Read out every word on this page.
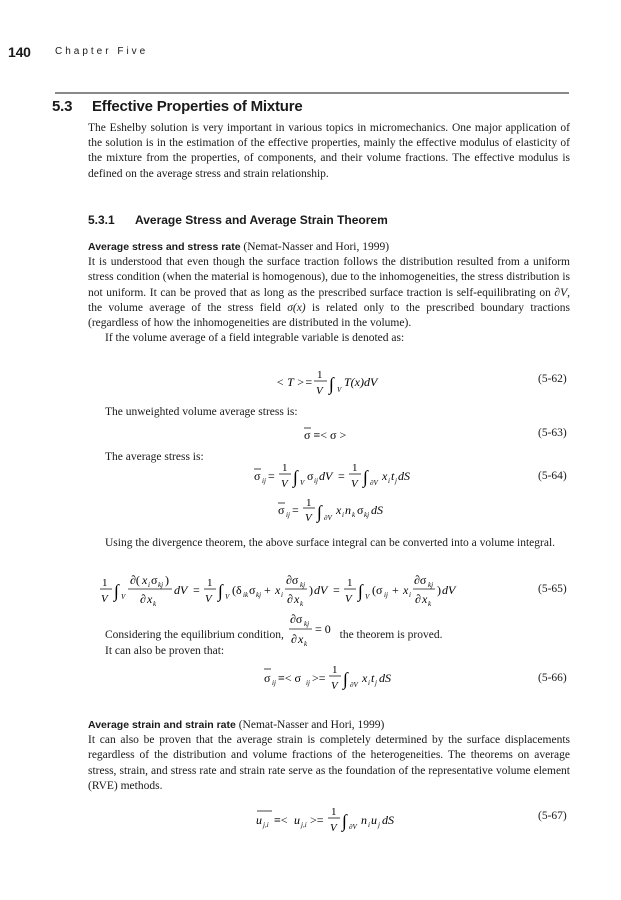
140 Chapter Five
5.3 Effective Properties of Mixture
The Eshelby solution is very important in various topics in micromechanics. One major application of the solution is in the estimation of the effective properties, mainly the effective modulus of elasticity of the mixture from the properties, of components, and their volume fractions. The effective modulus is defined on the average stress and strain relationship.
5.3.1 Average Stress and Average Strain Theorem
Average stress and stress rate (Nemat-Nasser and Hori, 1999)
It is understood that even though the surface traction follows the distribution resulted from a uniform stress condition (when the material is homogenous), due to the inhomogeneities, the stress distribution is not uniform. It can be proved that as long as the prescribed surface traction is self-equilibrating on ∂V, the volume average of the stress field σ(x) is related only to the prescribed boundary tractions (regardless of how the inhomogeneities are distributed in the volume).
If the volume average of a field integrable variable is denoted as:
< T >= 1
V ∫ V
T(x)dV	(5-62)
The unweighted volume average stress is:
σ ≡< σ >	(5-63)
The average stress is:
σ ij =
1
V ∫ V σ ij dV =
1
V ∫ ∂V x i t j dS	(5-64)
σ ij = 1
V ∫ ∂V
x i n k σ kj dS
Using the divergence theorem, the above surface integral can be converted into a volume integral.
1
V ∫ V
∂( x i σ kj )
∂ x k
dV = 1
V ∫ V (δ ik σ kj + x i
∂σ kj
∂ x k
) dV = 1
V ∫ V (σ ij + x i
∂σ kj
∂ x k
) dV	(5-65)
Considering the equilibrium condition,
∂σ kj
∂ x k
= 0 the theorem is proved.
It can also be proven that:
σ ij ≡< σ ij >=
1
V ∫ ∂V x i t j dS	(5-66)
Average strain and strain rate (Nemat-Nasser and Hori, 1999)
It can also be proven that the average strain is completely determined by the surface displacements regardless of the distribution and volume fractions of the heterogeneities. The theorems on average stress, strain, and stress rate and strain rate serve as the foundation of the representative volume element (RVE) methods.
u j,i ≡< u j,i >=
1
V ∫ ∂V n i u j dS	(5-67)
